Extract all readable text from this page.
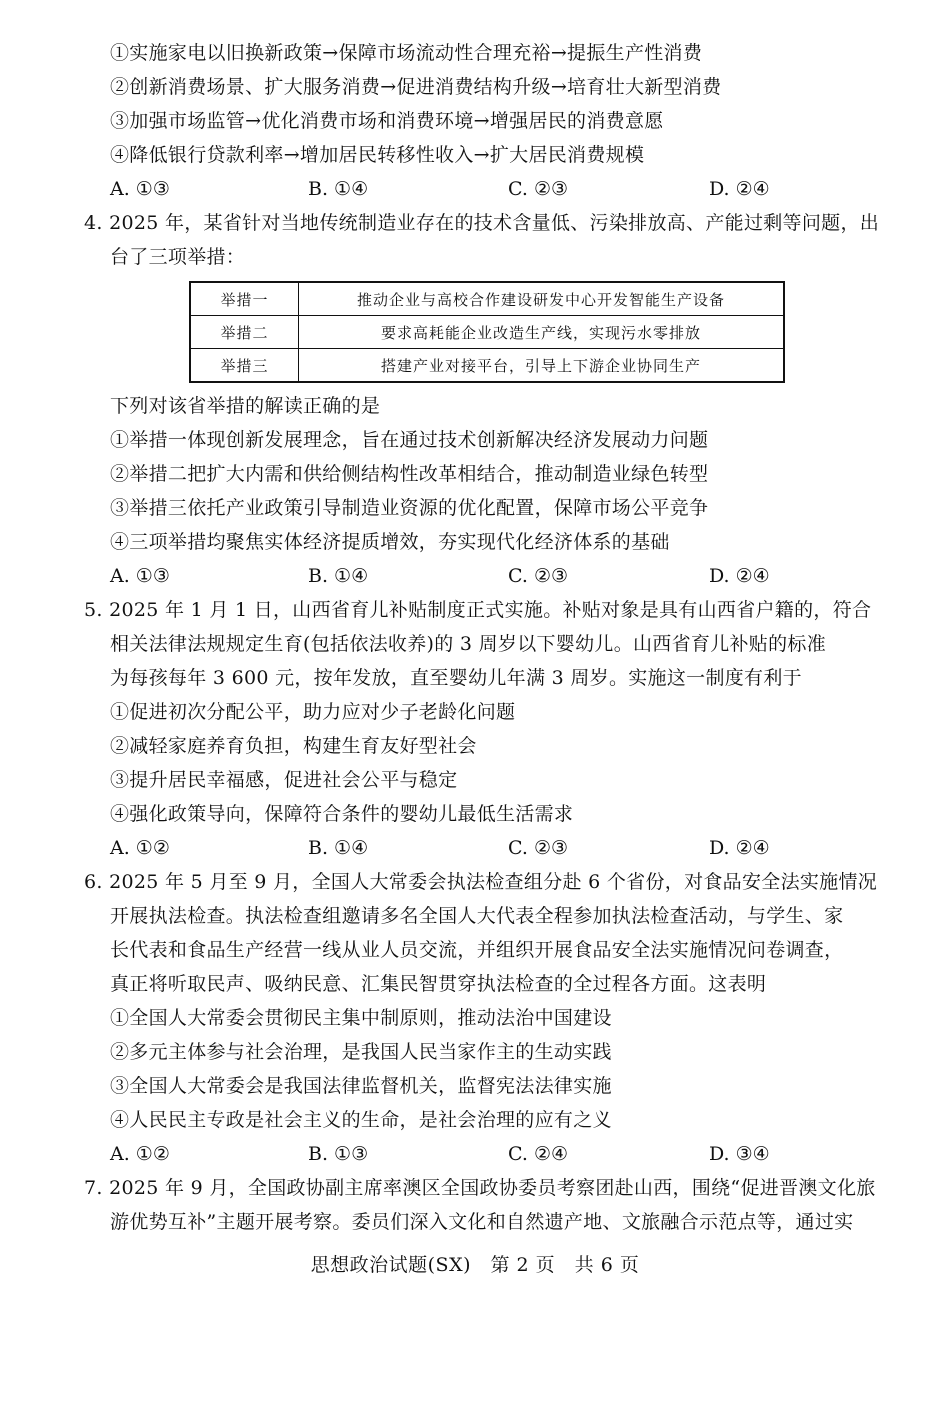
①实施家电以旧换新政策→保障市场流动性合理充裕→提振生产性消费
②创新消费场景、扩大服务消费→促进消费结构升级→培育壮大新型消费
③加强市场监管→优化消费市场和消费环境→增强居民的消费意愿
④降低银行贷款利率→增加居民转移性收入→扩大居民消费规模
A. ①③	B. ①④	C. ②③	D. ②④
4. 2025 年，某省针对当地传统制造业存在的技术含量低、污染排放高、产能过剩等问题，出
台了三项举措：
举措一	推动企业与高校合作建设研发中心开发智能生产设备
举措二	要求高耗能企业改造生产线，实现污水零排放
举措三	搭建产业对接平台，引导上下游企业协同生产
下列对该省举措的解读正确的是
①举措一体现创新发展理念，旨在通过技术创新解决经济发展动力问题
②举措二把扩大内需和供给侧结构性改革相结合，推动制造业绿色转型
③举措三依托产业政策引导制造业资源的优化配置，保障市场公平竞争
④三项举措均聚焦实体经济提质增效，夯实现代化经济体系的基础
A. ①③	B. ①④	C. ②③	D. ②④
5. 2025 年 1 月 1 日，山西省育儿补贴制度正式实施。补贴对象是具有山西省户籍的，符合
相关法律法规规定生育(包括依法收养)的 3 周岁以下婴幼儿。山西省育儿补贴的标准
为每孩每年 3 600 元，按年发放，直至婴幼儿年满 3 周岁。实施这一制度有利于
①促进初次分配公平，助力应对少子老龄化问题
②减轻家庭养育负担，构建生育友好型社会
③提升居民幸福感，促进社会公平与稳定
④强化政策导向，保障符合条件的婴幼儿最低生活需求
A. ①②	B. ①④	C. ②③	D. ②④
6. 2025 年 5 月至 9 月，全国人大常委会执法检查组分赴 6 个省份，对食品安全法实施情况
开展执法检查。执法检查组邀请多名全国人大代表全程参加执法检查活动，与学生、家
长代表和食品生产经营一线从业人员交流，并组织开展食品安全法实施情况问卷调查，
真正将听取民声、吸纳民意、汇集民智贯穿执法检查的全过程各方面。这表明
①全国人大常委会贯彻民主集中制原则，推动法治中国建设
②多元主体参与社会治理，是我国人民当家作主的生动实践
③全国人大常委会是我国法律监督机关，监督宪法法律实施
④人民民主专政是社会主义的生命，是社会治理的应有之义
A. ①②	B. ①③	C. ②④	D. ③④
7. 2025 年 9 月，全国政协副主席率澳区全国政协委员考察团赴山西，围绕“促进晋澳文化旅
游优势互补”主题开展考察。委员们深入文化和自然遗产地、文旅融合示范点等，通过实
思想政治试题(SX)　第 2 页　共 6 页
